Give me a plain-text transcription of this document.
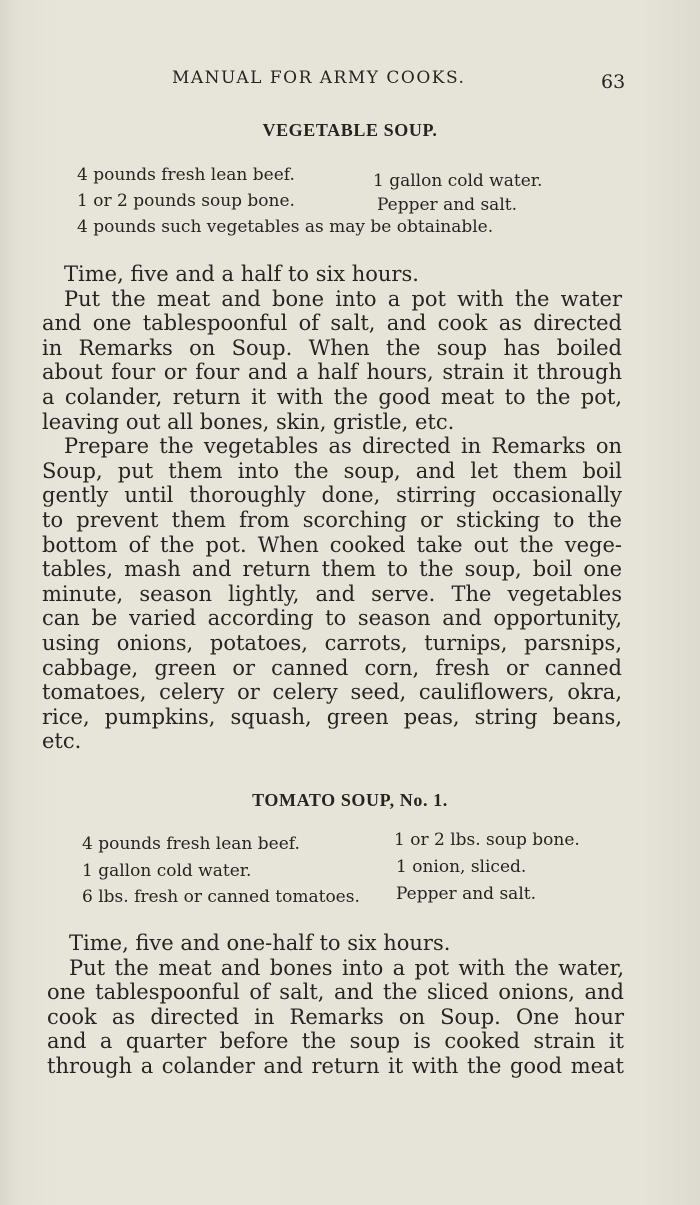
MANUAL FOR ARMY COOKS.	63
VEGETABLE SOUP.
4 pounds fresh lean beef.	1 gallon cold water.
1 or 2 pounds soup bone.	Pepper and salt.
4 pounds such vegetables as may be obtainable.
Time, five and a half to six hours.
Put the meat and bone into a pot with the water
and one tablespoonful of salt, and cook as directed
in Remarks on Soup. When the soup has boiled
about four or four and a half hours, strain it through
a colander, return it with the good meat to the pot,
leaving out all bones, skin, gristle, etc.
Prepare the vegetables as directed in Remarks on
Soup, put them into the soup, and let them boil
gently until thoroughly done, stirring occasionally
to prevent them from scorching or sticking to the
bottom of the pot. When cooked take out the vege-
tables, mash and return them to the soup, boil one
minute, season lightly, and serve. The vegetables
can be varied according to season and opportunity,
using onions, potatoes, carrots, turnips, parsnips,
cabbage, green or canned corn, fresh or canned
tomatoes, celery or celery seed, cauliflowers, okra,
rice, pumpkins, squash, green peas, string beans,
etc.
TOMATO SOUP, No. 1.
4 pounds fresh lean beef.	1 or 2 lbs. soup bone.
1 gallon cold water.	1 onion, sliced.
6 lbs. fresh or canned tomatoes. Pepper and salt.
Time, five and one-half to six hours.
Put the meat and bones into a pot with the water,
one tablespoonful of salt, and the sliced onions, and
cook as directed in Remarks on Soup. One hour
and a quarter before the soup is cooked strain it
through a colander and return it with the good meat
